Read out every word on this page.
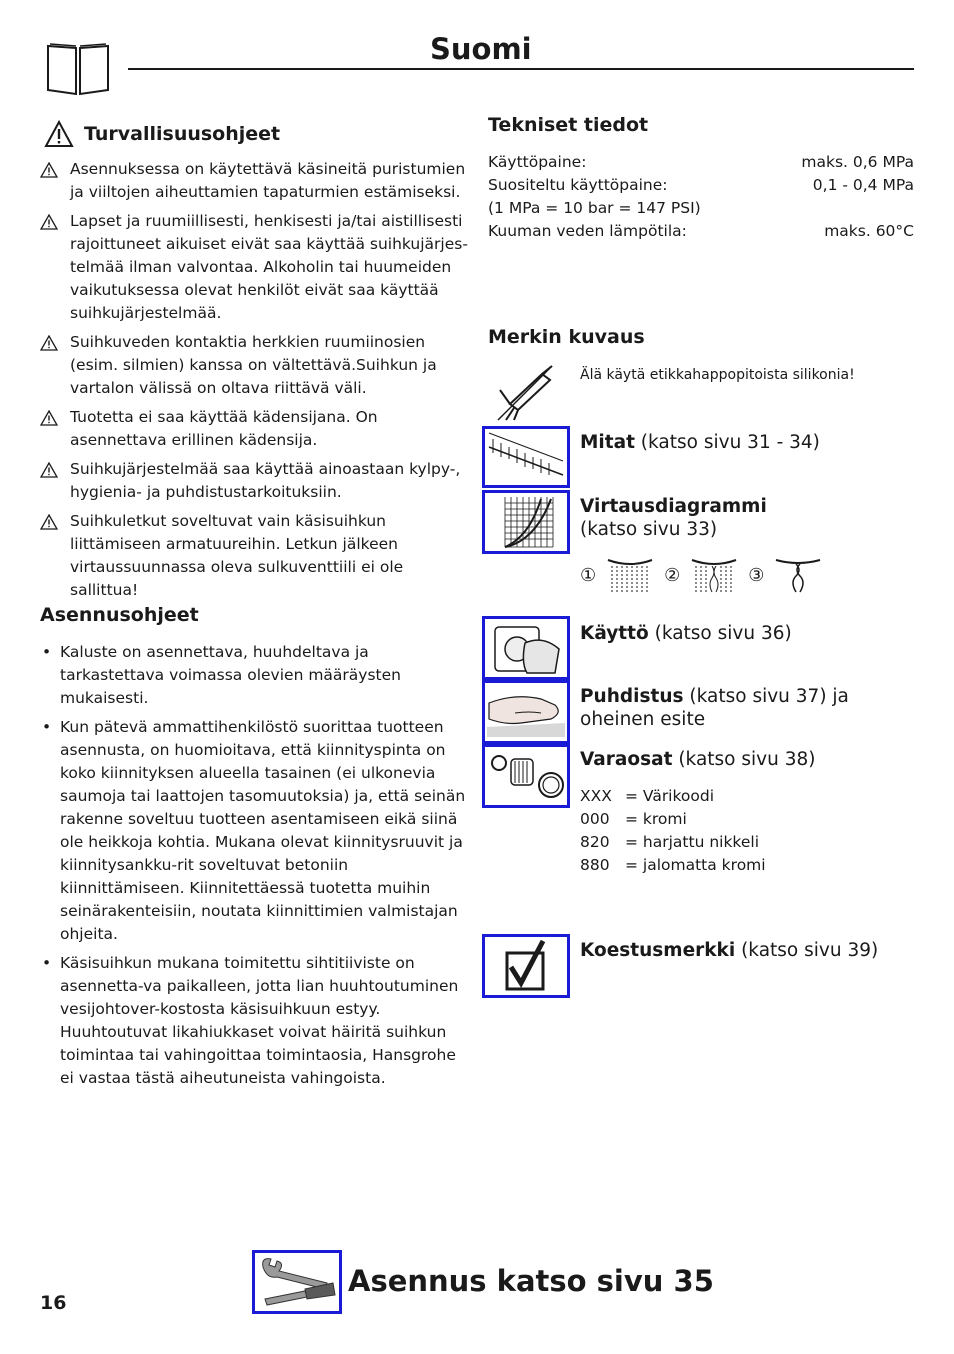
Suomi
Turvallisuusohjeet
Asennuksessa on käytettävä käsineitä puristumien ja viiltojen aiheuttamien tapaturmien estämiseksi.
Lapset ja ruumiillisesti, henkisesti ja/tai aistillisesti rajoittuneet aikuiset eivät saa käyttää suihkujärjes-telmää ilman valvontaa. Alkoholin tai huumeiden vaikutuksessa olevat henkilöt eivät saa käyttää suihkujärjestelmää.
Suihkuveden kontaktia herkkien ruumiinosien (esim. silmien) kanssa on vältettävä.Suihkun ja vartalon välissä on oltava riittävä väli.
Tuotetta ei saa käyttää kädensijana. On asennettava erillinen kädensija.
Suihkujärjestelmää saa käyttää ainoastaan kylpy-, hygienia- ja puhdistustarkoituksiin.
Suihkuletkut soveltuvat vain käsisuihkun liittämiseen armatuureihin. Letkun jälkeen virtaussuunnassa oleva sulkuventtiili ei ole sallittua!
Asennusohjeet
• Kaluste on asennettava, huuhdeltava ja tarkastettava voimassa olevien määräysten mukaisesti.
• Kun pätevä ammattihenkilöstö suorittaa tuotteen asennusta, on huomioitava, että kiinnityspinta on koko kiinnityksen alueella tasainen (ei ulkonevia saumoja tai laattojen tasomuutoksia) ja, että seinän rakenne soveltuu tuotteen asentamiseen eikä siinä ole heikkoja kohtia. Mukana olevat kiinnitysruuvit ja kiinnitysankku-rit soveltuvat betoniin kiinnittämiseen. Kiinnitettäessä tuotetta muihin seinärakenteisiin, noutata kiinnittimien valmistajan ohjeita.
• Käsisuihkun mukana toimitettu sihtitiiviste on asennetta-va paikalleen, jotta lian huuhtoutuminen vesijohtover-kostosta käsisuihkuun estyy. Huuhtoutuvat likahiukkaset voivat häiritä suihkun toimintaa tai vahingoittaa toimintaosia, Hansgrohe ei vastaa tästä aiheutuneista vahingoista.
Tekniset tiedot
Käyttöpaine:	maks. 0,6 MPa
Suositeltu käyttöpaine:	0,1 - 0,4 MPa
(1 MPa = 10 bar = 147 PSI)
Kuuman veden lämpötila:	maks. 60°C
Merkin kuvaus
Älä käytä etikkahappopitoista silikonia!
Mitat (katso sivu 31 - 34)
Virtausdiagrammi
(katso sivu 33)
①	②	③
Käyttö (katso sivu 36)
Puhdistus (katso sivu 37) ja oheinen esite
Varaosat (katso sivu 38)
XXX = Värikoodi
000 = kromi
820 = harjattu nikkeli
880 = jalomatta kromi
Koestusmerkki (katso sivu 39)
16
Asennus katso sivu 35
